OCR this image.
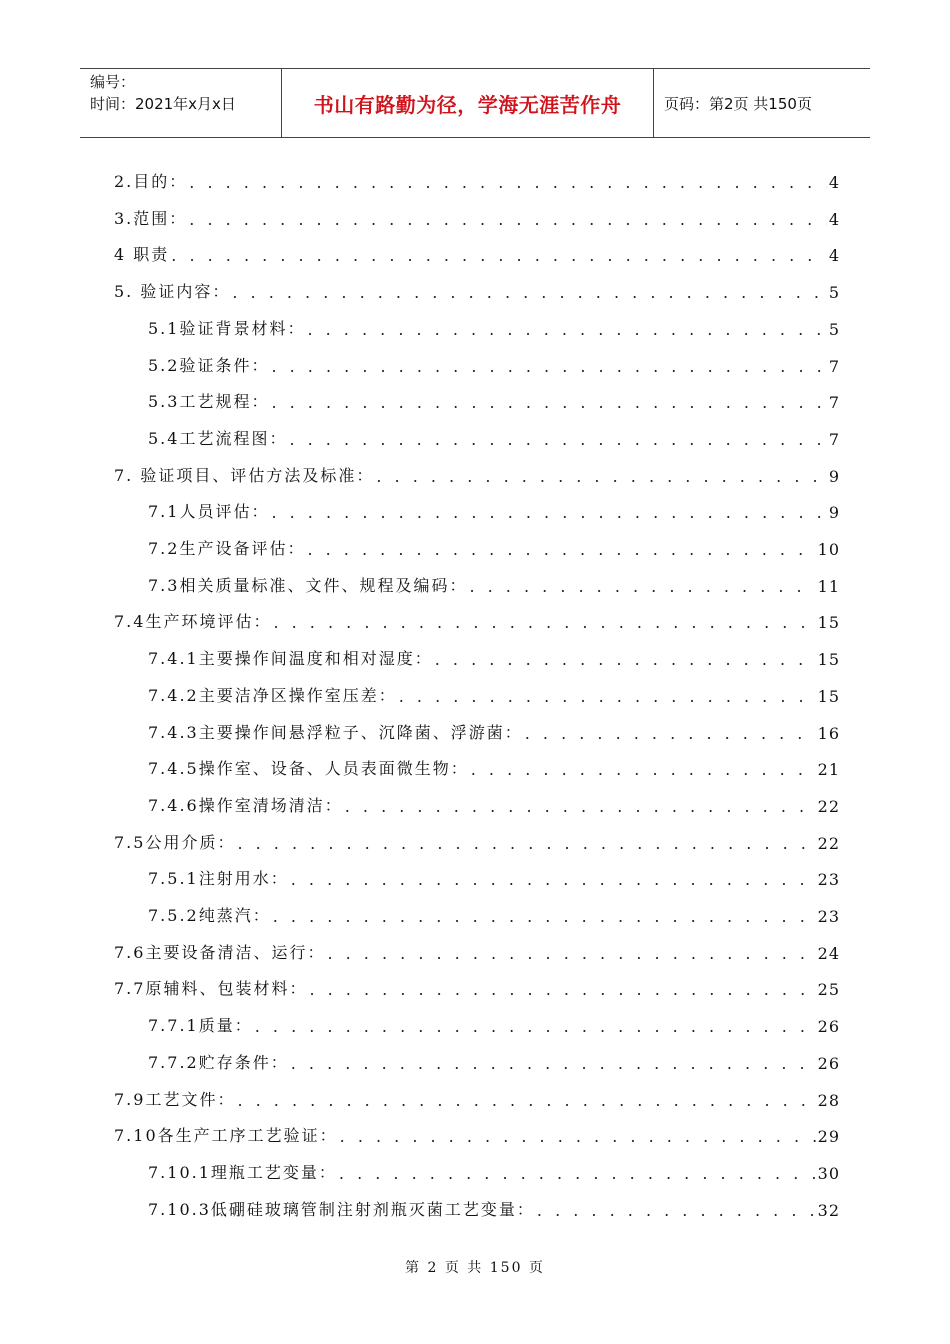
编号：
时间：2021年x月x日	书山有路勤为径，学海无涯苦作舟	页码：第2页 共150页
2.目的： . . .	4
3.范围： . . .	4
4 职责 . . .	4
5. 验证内容： . . .	5
5.1验证背景材料： . . .	5
5.2验证条件： . . .	7
5.3工艺规程： . . .	7
5.4工艺流程图： . . .	7
7. 验证项目、评估方法及标准： . . .	9
7.1人员评估： . . .	9
7.2生产设备评估： . . .	10
7.3相关质量标准、文件、规程及编码： . . .	11
7.4生产环境评估： . . .	15
7.4.1主要操作间温度和相对湿度： . . .	15
7.4.2主要洁净区操作室压差： . . .	15
7.4.3主要操作间悬浮粒子、沉降菌、浮游菌： . . .	16
7.4.5操作室、设备、人员表面微生物： . . .	21
7.4.6操作室清场清洁： . . .	22
7.5公用介质： . . .	22
7.5.1注射用水： . . .	23
7.5.2纯蒸汽： . . .	23
7.6主要设备清洁、运行： . . .	24
7.7原辅料、包装材料： . . .	25
7.7.1质量： . . .	26
7.7.2贮存条件： . . .	26
7.9工艺文件： . . .	28
7.10各生产工序工艺验证： . . .	29
7.10.1理瓶工艺变量： . . .	30
7.10.3低硼硅玻璃管制注射剂瓶灭菌工艺变量： . . .	32
第 2 页 共 150 页
